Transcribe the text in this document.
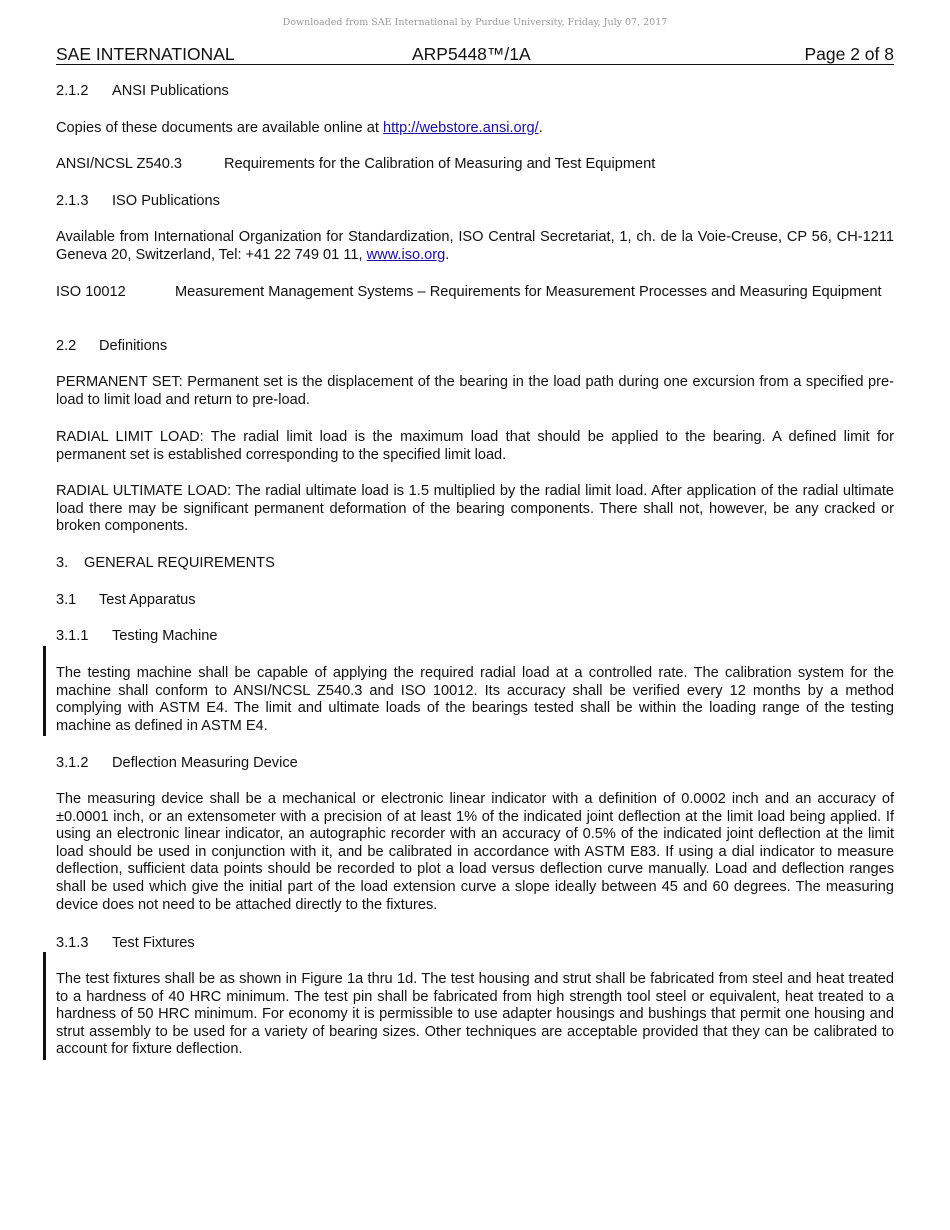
Downloaded from SAE International by Purdue University, Friday, July 07, 2017
SAE INTERNATIONAL	ARP5448™/1A	Page 2 of 8
2.1.2 ANSI Publications
Copies of these documents are available online at http://webstore.ansi.org/.
ANSI/NCSL Z540.3	Requirements for the Calibration of Measuring and Test Equipment
2.1.3 ISO Publications
Available from International Organization for Standardization, ISO Central Secretariat, 1, ch. de la Voie-Creuse, CP 56, CH-1211 Geneva 20, Switzerland, Tel: +41 22 749 01 11, www.iso.org.
ISO 10012	Measurement Management Systems – Requirements for Measurement Processes and Measuring Equipment
2.2 Definitions
PERMANENT SET: Permanent set is the displacement of the bearing in the load path during one excursion from a specified pre-load to limit load and return to pre-load.
RADIAL LIMIT LOAD: The radial limit load is the maximum load that should be applied to the bearing. A defined limit for permanent set is established corresponding to the specified limit load.
RADIAL ULTIMATE LOAD: The radial ultimate load is 1.5 multiplied by the radial limit load. After application of the radial ultimate load there may be significant permanent deformation of the bearing components. There shall not, however, be any cracked or broken components.
3. GENERAL REQUIREMENTS
3.1 Test Apparatus
3.1.1 Testing Machine
The testing machine shall be capable of applying the required radial load at a controlled rate. The calibration system for the machine shall conform to ANSI/NCSL Z540.3 and ISO 10012. Its accuracy shall be verified every 12 months by a method complying with ASTM E4. The limit and ultimate loads of the bearings tested shall be within the loading range of the testing machine as defined in ASTM E4.
3.1.2 Deflection Measuring Device
The measuring device shall be a mechanical or electronic linear indicator with a definition of 0.0002 inch and an accuracy of ±0.0001 inch, or an extensometer with a precision of at least 1% of the indicated joint deflection at the limit load being applied. If using an electronic linear indicator, an autographic recorder with an accuracy of 0.5% of the indicated joint deflection at the limit load should be used in conjunction with it, and be calibrated in accordance with ASTM E83. If using a dial indicator to measure deflection, sufficient data points should be recorded to plot a load versus deflection curve manually. Load and deflection ranges shall be used which give the initial part of the load extension curve a slope ideally between 45 and 60 degrees. The measuring device does not need to be attached directly to the fixtures.
3.1.3 Test Fixtures
The test fixtures shall be as shown in Figure 1a thru 1d. The test housing and strut shall be fabricated from steel and heat treated to a hardness of 40 HRC minimum. The test pin shall be fabricated from high strength tool steel or equivalent, heat treated to a hardness of 50 HRC minimum. For economy it is permissible to use adapter housings and bushings that permit one housing and strut assembly to be used for a variety of bearing sizes. Other techniques are acceptable provided that they can be calibrated to account for fixture deflection.
